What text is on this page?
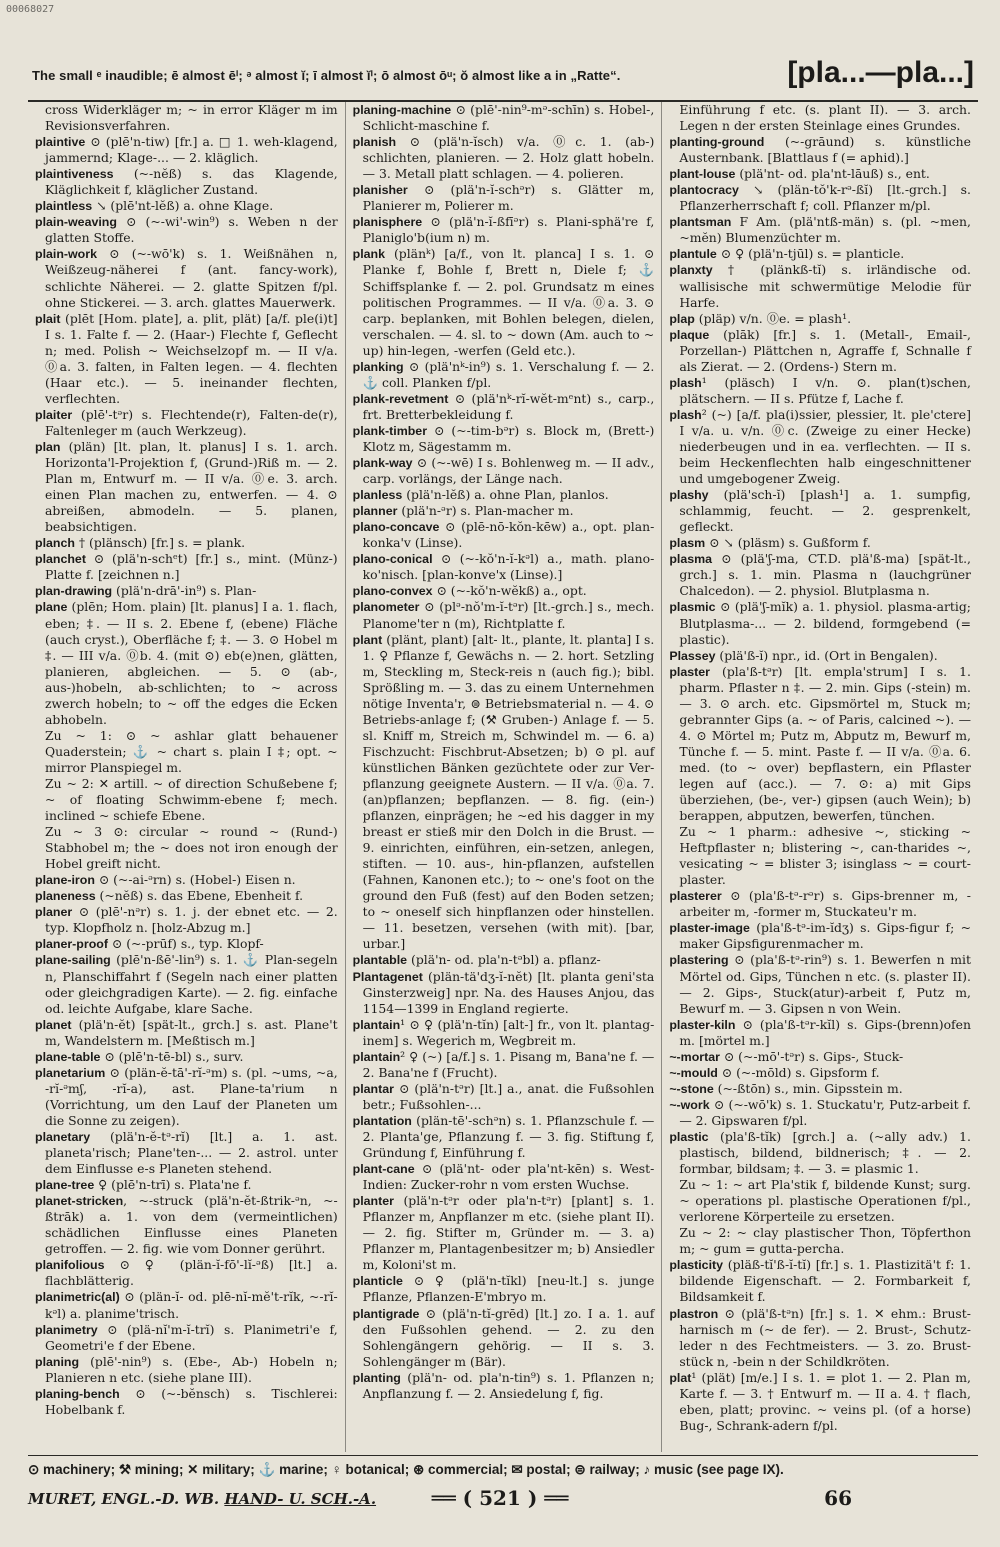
00068027
The small ᵉ inaudible; ē almost ēⁱ; ᵊ almost ĭ; ī almost ĭⁱ; ō almost ōᵘ; ŏ almost like a in „Ratte“.	[pla...—pla...]

cross Widerkläger m; ~ in error Kläger m im Revisionsverfahren.

plaintive ⊙ (plē'n-tiw) [fr.] a. □ 1. weh-klagend, jammernd; Klage-... — 2. kläglich.

plaintiveness (~-nĕß) s. das Klagende, Kläglichkeit f, kläglicher Zustand.

plaintless ↘ (plē'nt-lĕß) a. ohne Klage.

plain-weaving ⊙ (~-wi'-win⁹) s. Weben n der glatten Stoffe.

plain-work ⊙ (~-wō'k) s. 1. Weißnähen n, Weißzeug-näherei f (ant. fancy-work), schlichte Näherei. — 2. glatte Spitzen f/pl. ohne Stickerei. — 3. arch. glattes Mauerwerk.

plait (plēt [Hom. plate], a. plit, plät) [a/f. ple(i)t] I s. 1. Falte f. — 2. (Haar-) Flechte f, Geflecht n; med. Polish ~ Weichselzopf m. — II v/a. ⓪a. 3. falten, in Falten legen. — 4. flechten (Haar etc.). — 5. ineinander flechten, verflechten.

plaiter (plē'-tᵊr) s. Flechtende(r), Falten-de(r), Faltenleger m (auch Werkzeug).

plan (plän) [lt. plan, lt. planus] I s. 1. arch. Horizonta'l-Projektion f, (Grund-)Riß m. — 2. Plan m, Entwurf m. — II v/a. ⓪e. 3. arch. einen Plan machen zu, entwerfen. — 4. ⊙ abreißen, abmodeln. — 5. planen, beabsichtigen.

planch † (plänsch) [fr.] s. = plank.

planchet ⊙ (plä'n-schᵉt) [fr.] s., mint. (Münz-) Platte f. [zeichnen n.]

plan-drawing (plä'n-drā'-in⁹) s. Plan-

plane (plēn; Hom. plain) [lt. planus] I a. 1. flach, eben; ‡. — II s. 2. Ebene f, (ebene) Fläche (auch cryst.), Oberfläche f; ‡. — 3. ⊙ Hobel m ‡. — III v/a. ⓪b. 4. (mit ⊙) eb(e)nen, glätten, planieren, abgleichen. — 5. ⊙ (ab-, aus-)hobeln, ab-schlichten; to ~ across zwerch hobeln; to ~ off the edges die Ecken abhobeln.

Zu ~ 1: ⊙ ~ ashlar glatt behauener Quaderstein; ⚓ ~ chart s. plain I ‡; opt. ~ mirror Planspiegel m.

Zu ~ 2: ✕ artill. ~ of direction Schußebene f; ~ of floating Schwimm-ebene f; mech. inclined ~ schiefe Ebene.

Zu ~ 3 ⊙: circular ~ round ~ (Rund-) Stabhobel m; the ~ does not iron enough der Hobel greift nicht.

plane-iron ⊙ (~-ai-ᵊrn) s. (Hobel-) Eisen n.

planeness (~nĕß) s. das Ebene, Ebenheit f.

planer ⊙ (plē'-nᵊr) s. 1. j. der ebnet etc. — 2. typ. Klopfholz n. [holz-Abzug m.]

planer-proof ⊙ (~-prūf) s., typ. Klopf-

plane-sailing (plē'n-ßē'-lin⁹) s. 1. ⚓ Plan-segeln n, Planschiffahrt f (Segeln nach einer platten oder gleichgradigen Karte). — 2. fig. einfache od. leichte Aufgabe, klare Sache.

planet (plä'n-ĕt) [spät-lt., grch.] s. ast. Plane't m, Wandelstern m. [Meßtisch m.]

plane-table ⊙ (plē'n-tē-bl) s., surv.

planetarium ⊙ (plän-ĕ-tā'-rĭ-ᵊm) s. (pl. ~ums, ~a, -rĭ-ᵊmʃ, -rĭ-a), ast. Plane-ta'rium n (Vorrichtung, um den Lauf der Planeten um die Sonne zu zeigen).

planetary (plä'n-ĕ-tᵊ-rĭ) [lt.] a. 1. ast. planeta'risch; Plane'ten-... — 2. astrol. unter dem Einflusse e-s Planeten stehend.

plane-tree ♀ (plē'n-trī) s. Plata'ne f.

planet-stricken, ~-struck (plä'n-ĕt-ßtrik-ᵊn, ~-ßtrāk) a. 1. von dem (vermeintlichen) schädlichen Einflusse eines Planeten getroffen. — 2. fig. wie vom Donner gerührt.

planifolious ⊙ ♀ (plän-ĭ-fō'-lĭ-ᵊß) [lt.] a. flachblätterig.

planimetric(al) ⊙ (plän-ĭ- od. plē-nĭ-mĕ't-rĭk, ~-rĭ-kᵊl) a. planime'trisch.

planimetry ⊙ (plä-nĭ'm-ĭ-trĭ) s. Planimetri'e f, Geometri'e f der Ebene.

planing (plē'-nin⁹) s. (Ebe-, Ab-) Hobeln n; Planieren n etc. (siehe plane III).

planing-bench ⊙ (~-bĕnsch) s. Tischlerei: Hobelbank f.

planing-machine ⊙ (plē'-nin⁹-mᵊ-schīn) s. Hobel-, Schlicht-maschine f.

planish ⊙ (plä'n-ĭsch) v/a. ⓪c. 1. (ab-) schlichten, planieren. — 2. Holz glatt hobeln. — 3. Metall platt schlagen. — 4. polieren.

planisher ⊙ (plä'n-ĭ-schᵊr) s. Glätter m, Planierer m, Polierer m.

planisphere ⊙ (plä'n-ĭ-ßfīᵊr) s. Plani-sphä're f, Planiglo'b(ium n) m.

plank (plänᵏ) [a/f., von lt. planca] I s. 1. ⊙ Planke f, Bohle f, Brett n, Diele f; ⚓ Schiffsplanke f. — 2. pol. Grundsatz m eines politischen Programmes. — II v/a. ⓪a. 3. ⊙ carp. beplanken, mit Bohlen belegen, dielen, verschalen. — 4. sl. to ~ down (Am. auch to ~ up) hin-legen, -werfen (Geld etc.).

planking ⊙ (plä'nᵏ-in⁹) s. 1. Verschalung f. — 2. ⚓ coll. Planken f/pl.

plank-revetment ⊙ (plä'nᵏ-rĭ-wĕt-mᵉnt) s., carp., frt. Bretterbekleidung f.

plank-timber ⊙ (~-tim-bᵊr) s. Block m, (Brett-) Klotz m, Sägestamm m.

plank-way ⊙ (~-wē) I s. Bohlenweg m. — II adv., carp. vorlängs, der Länge nach.

planless (plä'n-lĕß) a. ohne Plan, planlos.

planner (plä'n-ᵊr) s. Plan-macher m.

plano-concave ⊙ (plē-nō-kŏn-kēw) a., opt. plan-konka'v (Linse).

plano-conical ⊙ (~-kŏ'n-ĭ-kᵊl) a., math. plano-ko'nisch. [plan-konve'x (Linse).]

plano-convex ⊙ (~-kŏ'n-wĕkß) a., opt.

planometer ⊙ (plᵊ-nŏ'm-ĭ-tᵊr) [lt.-grch.] s., mech. Planome'ter n (m), Richtplatte f.

plant (plänt, plant) [alt- lt., plante, lt. planta] I s. 1. ♀ Pflanze f, Gewächs n. — 2. hort. Setzling m, Steckling m, Steck-reis n (auch fig.); bibl. Sprößling m. — 3. das zu einem Unternehmen nötige Inventa'r, ⊜ Betriebsmaterial n. — 4. ⊙ Betriebs-anlage f; (⚒ Gruben-) Anlage f. — 5. sl. Kniff m, Streich m, Schwindel m. — 6. a) Fischzucht: Fischbrut-Absetzen; b) ⊙ pl. auf künstlichen Bänken gezüchtete oder zur Ver-pflanzung geeignete Austern. — II v/a. ⓪a. 7. (an)pflanzen; bepflanzen. — 8. fig. (ein-) pflanzen, einprägen; he ~ed his dagger in my breast er stieß mir den Dolch in die Brust. — 9. einrichten, einführen, ein-setzen, anlegen, stiften. — 10. aus-, hin-pflanzen, aufstellen (Fahnen, Kanonen etc.); to ~ one's foot on the ground den Fuß (fest) auf den Boden setzen; to ~ oneself sich hinpflanzen oder hinstellen. — 11. besetzen, versehen (with mit). [bar, urbar.]

plantable (plä'n- od. pla'n-tᵊbl) a. pflanz-

Plantagenet (plän-tä'dʒ-ĭ-nĕt) [lt. planta geni'sta Ginsterzweig] npr. Na. des Hauses Anjou, das 1154—1399 in England regierte.

plantain¹ ⊙ ♀ (plä'n-tĭn) [alt-] fr., von lt. plantag-inem] s. Wegerich m, Wegbreit m.

plantain² ♀ (~) [a/f.] s. 1. Pisang m, Bana'ne f. — 2. Bana'ne f (Frucht).

plantar ⊙ (plä'n-tᵊr) [lt.] a., anat. die Fußsohlen betr.; Fußsohlen-...

plantation (plän-tē'-schᵊn) s. 1. Pflanzschule f. — 2. Planta'ge, Pflanzung f. — 3. fig. Stiftung f, Gründung f, Einführung f.

plant-cane ⊙ (plä'nt- oder pla'nt-kēn) s. West-Indien: Zucker-rohr n vom ersten Wuchse.

planter (plä'n-tᵊr oder pla'n-tᵊr) [plant] s. 1. Pflanzer m, Anpflanzer m etc. (siehe plant II). — 2. fig. Stifter m, Gründer m. — 3. a) Pflanzer m, Plantagenbesitzer m; b) Ansiedler m, Koloni'st m.

planticle ⊙ ♀ (plä'n-tĭkl) [neu-lt.] s. junge Pflanze, Pflanzen-E'mbryo m.

plantigrade ⊙ (plä'n-tĭ-grēd) [lt.] zo. I a. 1. auf den Fußsohlen gehend. — 2. zu den Sohlengängern gehörig. — II s. 3. Sohlengänger m (Bär).

planting (plä'n- od. pla'n-tin⁹) s. 1. Pflanzen n; Anpflanzung f. — 2. Ansiedelung f, fig.

Einführung f etc. (s. plant II). — 3. arch. Legen n der ersten Steinlage eines Grundes.

planting-ground (~-grāund) s. künstliche Austernbank. [Blattlaus f (= aphid).]

plant-louse (plä'nt- od. pla'nt-lāuß) s., ent.

plantocracy ↘ (plän-tŏ'k-rᵊ-ßĭ) [lt.-grch.] s. Pflanzerherrschaft f; coll. Pflanzer m/pl.

plantsman F Am. (plä'ntß-män) s. (pl. ~men, ~mĕn) Blumenzüchter m.

plantule ⊙ ♀ (plä'n-tjūl) s. = planticle.

planxty † (plänkß-tĭ) s. irländische od. wallisische mit schwermütige Melodie für Harfe.

plap (pläp) v/n. ⓪e. = plash¹.

plaque (plāk) [fr.] s. 1. (Metall-, Email-, Porzellan-) Plättchen n, Agraffe f, Schnalle f als Zierat. — 2. (Ordens-) Stern m.

plash¹ (pläsch) I v/n. ⊙. plan(t)schen, plätschern. — II s. Pfütze f, Lache f.

plash² (~) [a/f. pla(i)ssier, plessier, lt. ple'ctere] I v/a. u. v/n. ⓪c. (Zweige zu einer Hecke) niederbeugen und in ea. verflechten. — II s. beim Heckenflechten halb eingeschnittener und umgebogener Zweig.

plashy (plä'sch-ĭ) [plash¹] a. 1. sumpfig, schlammig, feucht. — 2. gesprenkelt, gefleckt.

plasm ⊙ ↘ (pläsm) s. Gußform f.

plasma ⊙ (plä'ʃ-ma, CT.D. plä'ß-ma) [spät-lt., grch.] s. 1. min. Plasma n (lauchgrüner Chalcedon). — 2. physiol. Blutplasma n.

plasmic ⊙ (plä'ʃ-mĭk) a. 1. physiol. plasma-artig; Blutplasma-... — 2. bildend, formgebend (= plastic).

Plassey (plä'ß-ĭ) npr., id. (Ort in Bengalen).

plaster (pla'ß-tᵊr) [lt. empla'strum] I s. 1. pharm. Pflaster n ‡. — 2. min. Gips (-stein) m. — 3. ⊙ arch. etc. Gipsmörtel m, Stuck m; gebrannter Gips (a. ~ of Paris, calcined ~). — 4. ⊙ Mörtel m; Putz m, Abputz m, Bewurf m, Tünche f. — 5. mint. Paste f. — II v/a. ⓪a. 6. med. (to ~ over) bepflastern, ein Pflaster legen auf (acc.). — 7. ⊙: a) mit Gips überziehen, (be-, ver-) gipsen (auch Wein); b) berappen, abputzen, bewerfen, tünchen.

Zu ~ 1 pharm.: adhesive ~, sticking ~ Heftpflaster n; blistering ~, can-tharides ~, vesicating ~ = blister 3; isinglass ~ = court-plaster.

plasterer ⊙ (pla'ß-tᵊ-rᵊr) s. Gips-brenner m, -arbeiter m, -former m, Stuckateu'r m.

plaster-image (pla'ß-tᵊ-im-ĭdʒ) s. Gips-figur f; ~ maker Gipsfigurenmacher m.

plastering ⊙ (pla'ß-tᵊ-rin⁹) s. 1. Bewerfen n mit Mörtel od. Gips, Tünchen n etc. (s. plaster II). — 2. Gips-, Stuck(atur)-arbeit f, Putz m, Bewurf m. — 3. Gipsen n von Wein.

plaster-kiln ⊙ (pla'ß-tᵊr-kĭl) s. Gips-(brenn)ofen m. [mörtel m.]

~-mortar ⊙ (~-mō'-tᵊr) s. Gips-, Stuck-

~-mould ⊙ (~-mōld) s. Gipsform f.

~-stone (~-ßtōn) s., min. Gipsstein m.

~-work ⊙ (~-wō'k) s. 1. Stuckatu'r, Putz-arbeit f. — 2. Gipswaren f/pl.

plastic (pla'ß-tĭk) [grch.] a. (~ally adv.) 1. plastisch, bildend, bildnerisch; ‡. — 2. formbar, bildsam; ‡. — 3. = plasmic 1.

Zu ~ 1: ~ art Pla'stik f, bildende Kunst; surg. ~ operations pl. plastische Operationen f/pl., verlorene Körperteile zu ersetzen.

Zu ~ 2: ~ clay plastischer Thon, Töpferthon m; ~ gum = gutta-percha.

plasticity (pläß-tĭ'ß-ĭ-tĭ) [fr.] s. 1. Plastizitä't f: 1. bildende Eigenschaft. — 2. Formbarkeit f, Bildsamkeit f.

plastron ⊙ (plä'ß-tᵊn) [fr.] s. 1. ✕ ehm.: Brust-harnisch m (~ de fer). — 2. Brust-, Schutz-leder n des Fechtmeisters. — 3. zo. Brust-stück n, -bein n der Schildkröten.

plat¹ (plät) [m/e.] I s. 1. = plot 1. — 2. Plan m, Karte f. — 3. † Entwurf m. — II a. 4. † flach, eben, platt; provinc. ~ veins pl. (of a horse) Bug-, Schrank-adern f/pl.

⊙ machinery; ⚒ mining; ✕ military; ⚓ marine; ♀ botanical; ⊛ commercial; ✉ postal; ⊜ railway; ♪ music (see page IX).
MURET, ENGL.-D. WB. HAND- U. SCH.-A.	══ ( 521 ) ══	66
